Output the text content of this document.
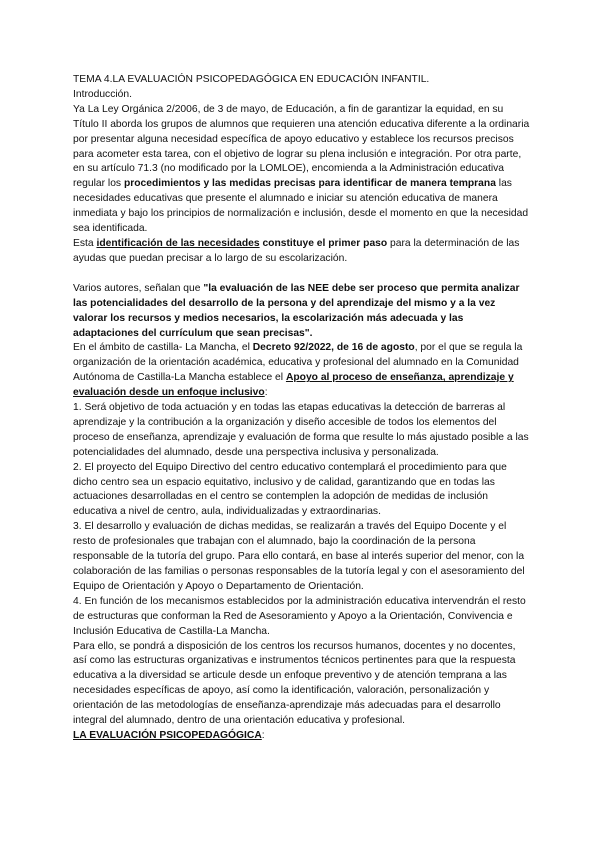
TEMA 4.LA EVALUACIÓN PSICOPEDAGÓGICA EN EDUCACIÓN INFANTIL.

Introducción.

Ya La Ley Orgánica 2/2006, de 3 de mayo, de Educación, a fin de garantizar la equidad, en su Título II aborda los grupos de alumnos que requieren una atención educativa diferente a la ordinaria por presentar alguna necesidad específica de apoyo educativo y establece los recursos precisos para acometer esta tarea, con el objetivo de lograr su plena inclusión e integración. Por otra parte, en su artículo 71.3 (no modificado por la LOMLOE), encomienda a la Administración educativa regular los procedimientos y las medidas precisas para identificar de manera temprana las necesidades educativas que presente el alumnado e iniciar su atención educativa de manera inmediata y bajo los principios de normalización e inclusión, desde el momento en que la necesidad sea identificada.

Esta identificación de las necesidades constituye el primer paso para la determinación de las ayudas que puedan precisar a lo largo de su escolarización.

Varios autores, señalan que "la evaluación de las NEE debe ser proceso que permita analizar las potencialidades del desarrollo de la persona y del aprendizaje del mismo y a la vez valorar los recursos y medios necesarios, la escolarización más adecuada y las adaptaciones del currículum que sean precisas".

En el ámbito de castilla- La Mancha, el Decreto 92/2022, de 16 de agosto, por el que se regula la organización de la orientación académica, educativa y profesional del alumnado en la Comunidad Autónoma de Castilla-La Mancha establece el Apoyo al proceso de enseñanza, aprendizaje y evaluación desde un enfoque inclusivo:

1. Será objetivo de toda actuación y en todas las etapas educativas la detección de barreras al aprendizaje y la contribución a la organización y diseño accesible de todos los elementos del proceso de enseñanza, aprendizaje y evaluación de forma que resulte lo más ajustado posible a las potencialidades del alumnado, desde una perspectiva inclusiva y personalizada.

2. El proyecto del Equipo Directivo del centro educativo contemplará el procedimiento para que dicho centro sea un espacio equitativo, inclusivo y de calidad, garantizando que en todas las actuaciones desarrolladas en el centro se contemplen la adopción de medidas de inclusión educativa a nivel de centro, aula, individualizadas y extraordinarias.

3. El desarrollo y evaluación de dichas medidas, se realizarán a través del Equipo Docente y el resto de profesionales que trabajan con el alumnado, bajo la coordinación de la persona responsable de la tutoría del grupo. Para ello contará, en base al interés superior del menor, con la colaboración de las familias o personas responsables de la tutoría legal y con el asesoramiento del Equipo de Orientación y Apoyo o Departamento de Orientación.

4. En función de los mecanismos establecidos por la administración educativa intervendrán el resto de estructuras que conforman la Red de Asesoramiento y Apoyo a la Orientación, Convivencia e Inclusión Educativa de Castilla-La Mancha.

Para ello, se pondrá a disposición de los centros los recursos humanos, docentes y no docentes, así como las estructuras organizativas e instrumentos técnicos pertinentes para que la respuesta educativa a la diversidad se articule desde un enfoque preventivo y de atención temprana a las necesidades específicas de apoyo, así como la identificación, valoración, personalización y orientación de las metodologías de enseñanza-aprendizaje más adecuadas para el desarrollo integral del alumnado, dentro de una orientación educativa y profesional.

LA EVALUACIÓN PSICOPEDAGÓGICA:
